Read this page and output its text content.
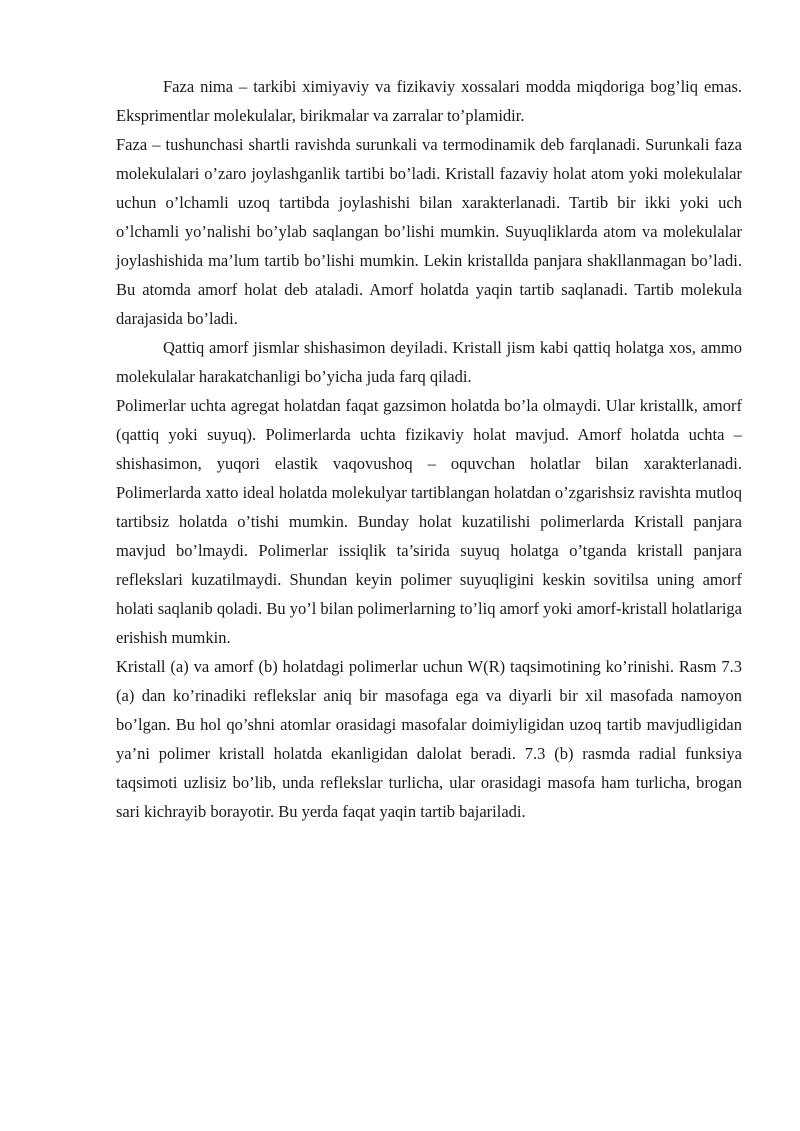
Faza nima – tarkibi ximiyaviy va fizikaviy xossalari modda miqdoriga bog’liq emas. Eksprimentlar molekulalar, birikmalar va zarralar to’plamidir.

Faza – tushunchasi shartli ravishda surunkali va termodinamik deb farqlanadi. Surunkali faza molekulalari o’zaro joylashganlik tartibi bo’ladi. Kristall fazaviy holat atom yoki molekulalar uchun o’lchamli uzoq tartibda joylashishi bilan xarakterlanadi. Tartib bir ikki yoki uch o’lchamli yo’nalishi bo’ylab saqlangan bo’lishi mumkin. Suyuqliklarda atom va molekulalar joylashishida ma’lum tartib bo’lishi mumkin. Lekin kristallda panjara shakllanmagan bo’ladi. Bu atomda amorf holat deb ataladi. Amorf holatda yaqin tartib saqlanadi. Tartib molekula darajasida bo’ladi.

Qattiq amorf jismlar shishasimon deyiladi. Kristall jism kabi qattiq holatga xos, ammo molekulalar harakatchanligi bo’yicha juda farq qiladi.

Polimerlar uchta agregat holatdan faqat gazsimon holatda bo’la olmaydi. Ular kristallk, amorf (qattiq yoki suyuq). Polimerlarda uchta fizikaviy holat mavjud. Amorf holatda uchta – shishasimon, yuqori elastik vaqovushoq – oquvchan holatlar bilan xarakterlanadi. Polimerlarda xatto ideal holatda molekulyar tartiblangan holatdan o’zgarishsiz ravishta mutloq tartibsiz holatda o’tishi mumkin. Bunday holat kuzatilishi polimerlarda Kristall panjara mavjud bo’lmaydi. Polimerlar issiqlik ta’sirida suyuq holatga o’tganda kristall panjara reflekslari kuzatilmaydi. Shundan keyin polimer suyuqligini keskin sovitilsa uning amorf holati saqlanib qoladi. Bu yo’l bilan polimerlarning to’liq amorf yoki amorf-kristall holatlariga erishish mumkin.

Kristall (a) va amorf (b) holatdagi polimerlar uchun W(R) taqsimotining ko’rinishi. Rasm 7.3 (a) dan ko’rinadiki reflekslar aniq bir masofaga ega va diyarli bir xil masofada namoyon bo’lgan. Bu hol qo’shni atomlar orasidagi masofalar doimiyligidan uzoq tartib mavjudligidan ya’ni polimer kristall holatda ekanligidan dalolat beradi. 7.3 (b) rasmda radial funksiya taqsimoti uzlisiz bo’lib, unda reflekslar turlicha, ular orasidagi masofa ham turlicha, brogan sari kichrayib borayotir. Bu yerda faqat yaqin tartib bajariladi.
